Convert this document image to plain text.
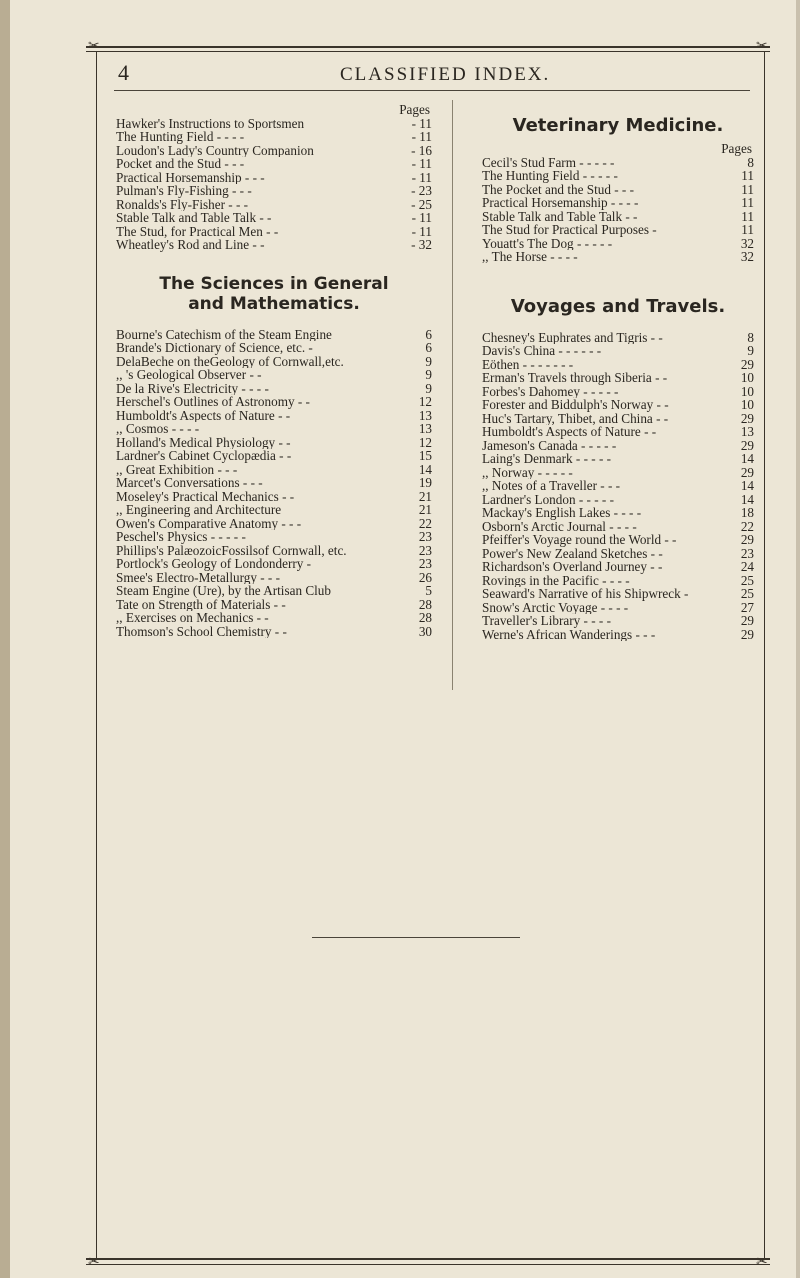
✂	✂
✂	✂
4	CLASSIFIED INDEX.
Pages
Hawker's Instructions to Sportsmen	- 11
The Hunting Field - - - -	- 11
Loudon's Lady's Country Companion	- 16
Pocket and the Stud - - -	- 11
Practical Horsemanship - - -	- 11
Pulman's Fly-Fishing - - -	- 23
Ronalds's Fly-Fisher - - -	- 25
Stable Talk and Table Talk - -	- 11
The Stud, for Practical Men - -	- 11
Wheatley's Rod and Line - -	- 32
The Sciences in General
and Mathematics.
Bourne's Catechism of the Steam Engine	6
Brande's Dictionary of Science, etc. -	6
DelaBeche on theGeology of Cornwall,etc.	9
,, 's Geological Observer - -	9
De la Rive's Electricity - - - -	9
Herschel's Outlines of Astronomy - -	12
Humboldt's Aspects of Nature - -	13
,, Cosmos - - - -	13
Holland's Medical Physiology - -	12
Lardner's Cabinet Cyclopædia - -	15
,, Great Exhibition - - -	14
Marcet's Conversations - - -	19
Moseley's Practical Mechanics - -	21
,, Engineering and Architecture	21
Owen's Comparative Anatomy - - -	22
Peschel's Physics - - - - -	23
Phillips's PalæozoicFossilsof Cornwall, etc.	23
Portlock's Geology of Londonderry -	23
Smee's Electro-Metallurgy - - -	26
Steam Engine (Ure), by the Artisan Club	5
Tate on Strength of Materials - -	28
,, Exercises on Mechanics - -	28
Thomson's School Chemistry - -	30
Veterinary Medicine.
Pages
Cecil's Stud Farm - - - - -	8
The Hunting Field - - - - -	11
The Pocket and the Stud - - -	11
Practical Horsemanship - - - -	11
Stable Talk and Table Talk - -	11
The Stud for Practical Purposes -	11
Youatt's The Dog - - - - -	32
,, The Horse - - - -	32
Voyages and Travels.
Chesney's Euphrates and Tigris - -	8
Davis's China - - - - - -	9
Eöthen - - - - - - -	29
Erman's Travels through Siberia - -	10
Forbes's Dahomey - - - - -	10
Forester and Biddulph's Norway - -	10
Huc's Tartary, Thibet, and China - -	29
Humboldt's Aspects of Nature - -	13
Jameson's Canada - - - - -	29
Laing's Denmark - - - - -	14
,, Norway - - - - -	29
,, Notes of a Traveller - - -	14
Lardner's London - - - - -	14
Mackay's English Lakes - - - -	18
Osborn's Arctic Journal - - - -	22
Pfeiffer's Voyage round the World - -	29
Power's New Zealand Sketches - -	23
Richardson's Overland Journey - -	24
Rovings in the Pacific - - - -	25
Seaward's Narrative of his Shipwreck -	25
Snow's Arctic Voyage - - - -	27
Traveller's Library - - - -	29
Werne's African Wanderings - - -	29
